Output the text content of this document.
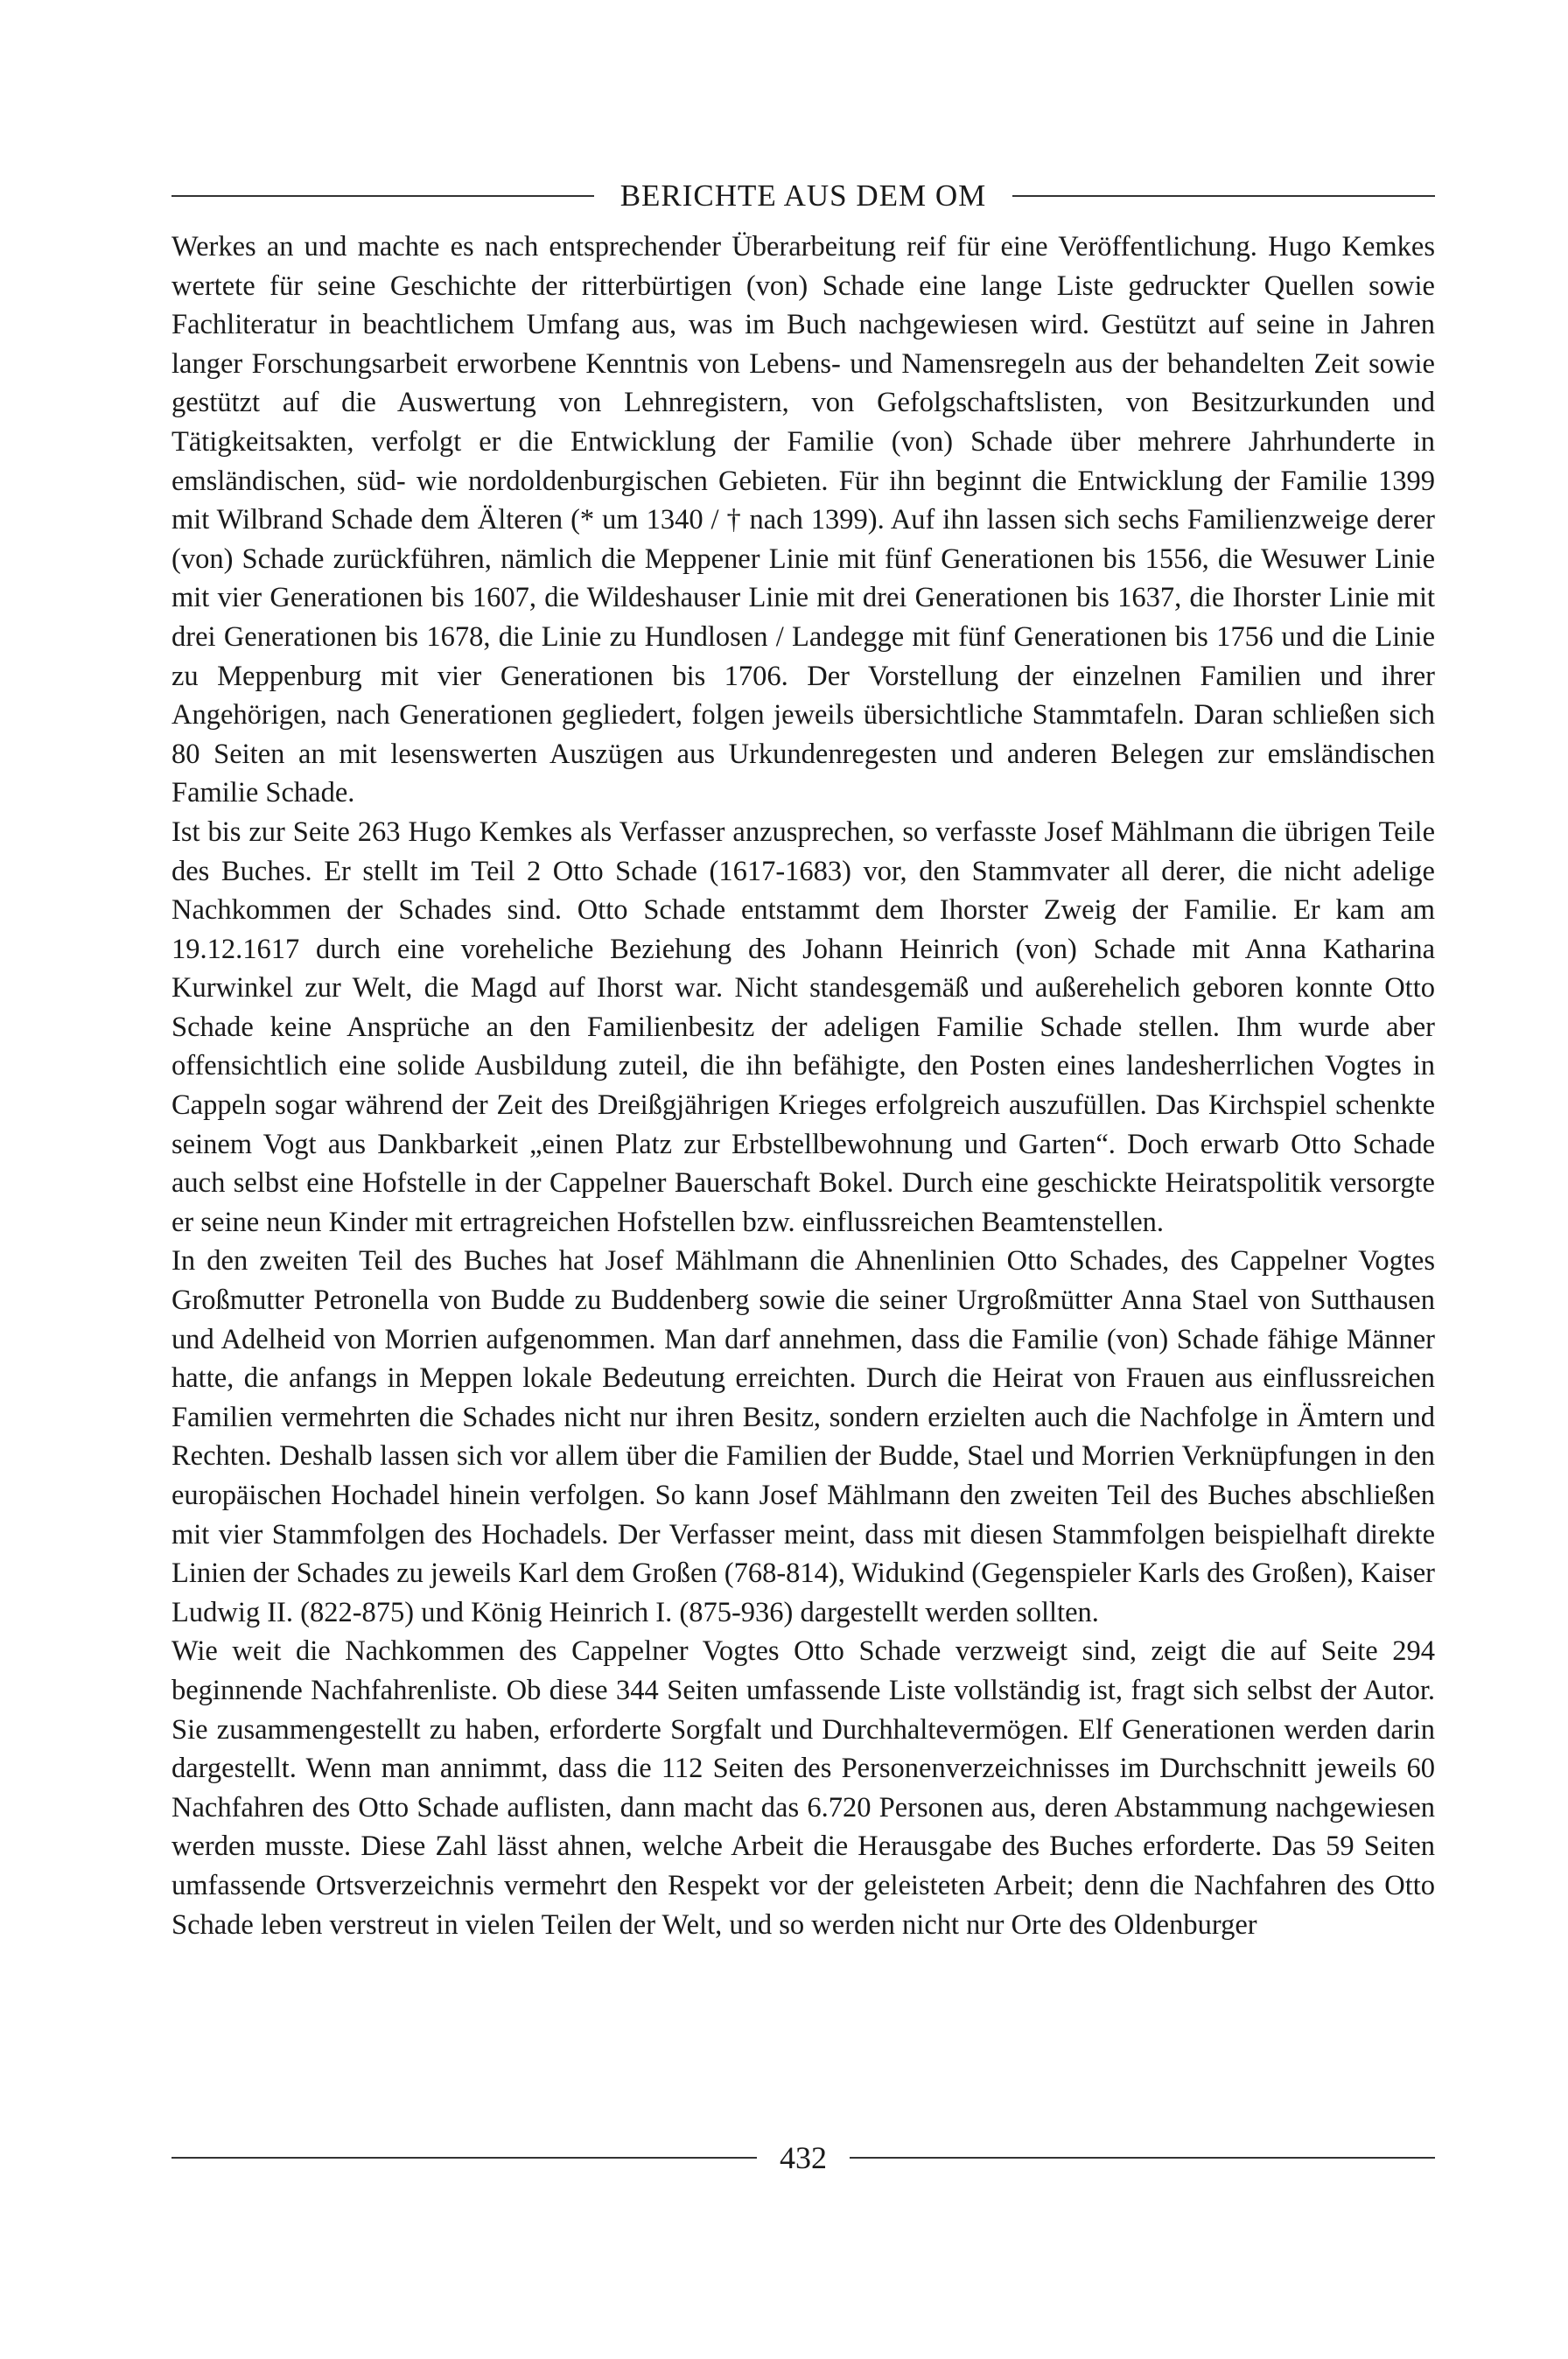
BERICHTE AUS DEM OM

Werkes an und machte es nach entsprechender Überarbeitung reif für eine Veröffentlichung. Hugo Kemkes wertete für seine Geschichte der ritterbürtigen (von) Schade eine lange Liste gedruckter Quellen sowie Fachliteratur in beachtlichem Umfang aus, was im Buch nachgewiesen wird. Gestützt auf seine in Jahren langer Forschungsarbeit erworbene Kenntnis von Lebens- und Namensregeln aus der behandelten Zeit sowie gestützt auf die Auswertung von Lehnregistern, von Gefolgschaftslisten, von Besitzurkunden und Tätigkeitsakten, verfolgt er die Entwicklung der Familie (von) Schade über mehrere Jahrhunderte in emsländischen, süd- wie nordoldenburgischen Gebieten. Für ihn beginnt die Entwicklung der Familie 1399 mit Wilbrand Schade dem Älteren (* um 1340 / † nach 1399). Auf ihn lassen sich sechs Familienzweige derer (von) Schade zurückführen, nämlich die Meppener Linie mit fünf Generationen bis 1556, die Wesuwer Linie mit vier Generationen bis 1607, die Wildeshauser Linie mit drei Generationen bis 1637, die Ihorster Linie mit drei Generationen bis 1678, die Linie zu Hundlosen / Landegge mit fünf Generationen bis 1756 und die Linie zu Meppenburg mit vier Generationen bis 1706. Der Vorstellung der einzelnen Familien und ihrer Angehörigen, nach Generationen gegliedert, folgen jeweils übersichtliche Stammtafeln. Daran schließen sich 80 Seiten an mit lesenswerten Auszügen aus Urkundenregesten und anderen Belegen zur emsländischen Familie Schade.

Ist bis zur Seite 263 Hugo Kemkes als Verfasser anzusprechen, so verfasste Josef Mählmann die übrigen Teile des Buches. Er stellt im Teil 2 Otto Schade (1617-1683) vor, den Stammvater all derer, die nicht adelige Nachkommen der Schades sind. Otto Schade entstammt dem Ihorster Zweig der Familie. Er kam am 19.12.1617 durch eine voreheliche Beziehung des Johann Heinrich (von) Schade mit Anna Katharina Kurwinkel zur Welt, die Magd auf Ihorst war. Nicht standesgemäß und außerehelich geboren konnte Otto Schade keine Ansprüche an den Familienbesitz der adeligen Familie Schade stellen. Ihm wurde aber offensichtlich eine solide Ausbildung zuteil, die ihn befähigte, den Posten eines landesherrlichen Vogtes in Cappeln sogar während der Zeit des Dreißgjährigen Krieges erfolgreich auszufüllen. Das Kirchspiel schenkte seinem Vogt aus Dankbarkeit „einen Platz zur Erbstellbewohnung und Garten“. Doch erwarb Otto Schade auch selbst eine Hofstelle in der Cappelner Bauerschaft Bokel. Durch eine geschickte Heiratspolitik versorgte er seine neun Kinder mit ertragreichen Hofstellen bzw. einflussreichen Beamtenstellen.

In den zweiten Teil des Buches hat Josef Mählmann die Ahnenlinien Otto Schades, des Cappelner Vogtes Großmutter Petronella von Budde zu Buddenberg sowie die seiner Urgroßmütter Anna Stael von Sutthausen und Adelheid von Morrien aufgenommen. Man darf annehmen, dass die Familie (von) Schade fähige Männer hatte, die anfangs in Meppen lokale Bedeutung erreichten. Durch die Heirat von Frauen aus einflussreichen Familien vermehrten die Schades nicht nur ihren Besitz, sondern erzielten auch die Nachfolge in Ämtern und Rechten. Deshalb lassen sich vor allem über die Familien der Budde, Stael und Morrien Verknüpfungen in den europäischen Hochadel hinein verfolgen. So kann Josef Mählmann den zweiten Teil des Buches abschließen mit vier Stammfolgen des Hochadels. Der Verfasser meint, dass mit diesen Stammfolgen beispielhaft direkte Linien der Schades zu jeweils Karl dem Großen (768-814), Widukind (Gegenspieler Karls des Großen), Kaiser Ludwig II. (822-875) und König Heinrich I. (875-936) dargestellt werden sollten.

Wie weit die Nachkommen des Cappelner Vogtes Otto Schade verzweigt sind, zeigt die auf Seite 294 beginnende Nachfahrenliste. Ob diese 344 Seiten umfassende Liste vollständig ist, fragt sich selbst der Autor. Sie zusammengestellt zu haben, erforderte Sorgfalt und Durchhaltevermögen. Elf Generationen werden darin dargestellt. Wenn man annimmt, dass die 112 Seiten des Personenverzeichnisses im Durchschnitt jeweils 60 Nachfahren des Otto Schade auflisten, dann macht das 6.720 Personen aus, deren Abstammung nachgewiesen werden musste. Diese Zahl lässt ahnen, welche Arbeit die Herausgabe des Buches erforderte. Das 59 Seiten umfassende Ortsverzeichnis vermehrt den Respekt vor der geleisteten Arbeit; denn die Nachfahren des Otto Schade leben verstreut in vielen Teilen der Welt, und so werden nicht nur Orte des Oldenburger

432
